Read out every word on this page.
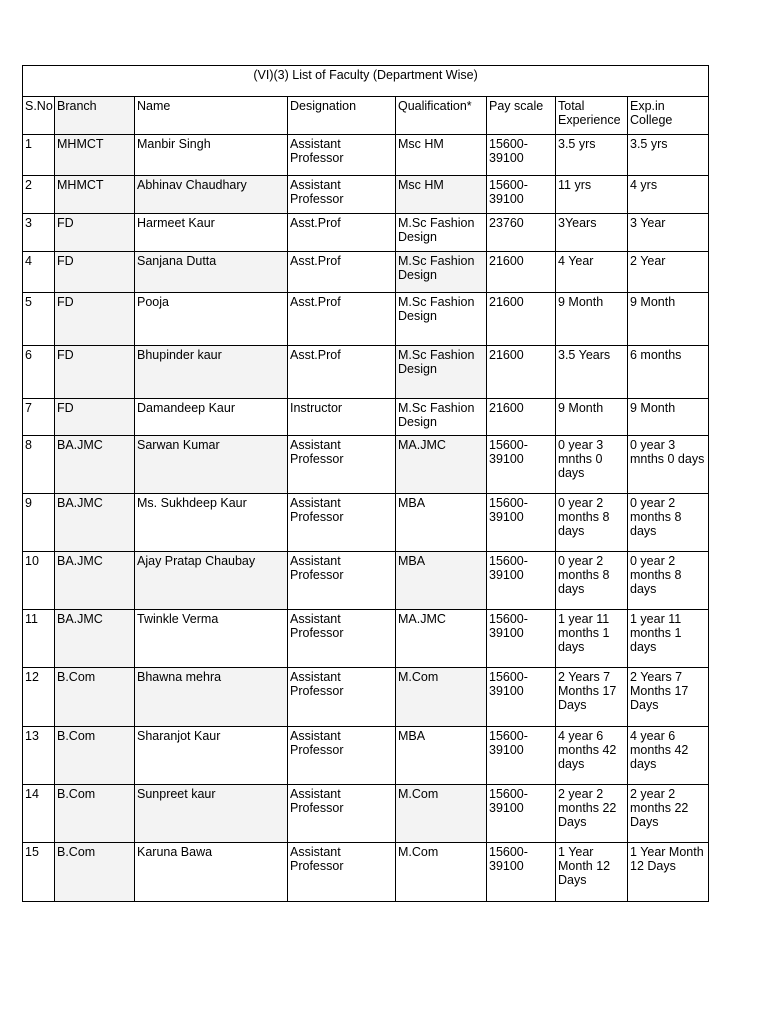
(VI)(3) List of Faculty (Department Wise)							
S.No	Branch	Name	Designation	Qualification*	Pay scale	Total Experience	Exp.in College
1	MHMCT	Manbir Singh	Assistant Professor	Msc HM	15600-39100	3.5 yrs	3.5 yrs
2	MHMCT	Abhinav Chaudhary	Assistant Professor	Msc HM	15600-39100	11 yrs	4 yrs
3	FD	Harmeet Kaur	Asst.Prof	M.Sc Fashion Design	23760	3Years	3 Year
4	FD	Sanjana Dutta	Asst.Prof	M.Sc Fashion Design	21600	4 Year	2 Year
5	FD	Pooja	Asst.Prof	M.Sc Fashion Design	21600	9 Month	9 Month
6	FD	Bhupinder kaur	Asst.Prof	M.Sc Fashion Design	21600	3.5 Years	6 months
7	FD	Damandeep Kaur	Instructor	M.Sc Fashion Design	21600	9 Month	9 Month
8	BA.JMC	Sarwan Kumar	Assistant Professor	MA.JMC	15600-39100	0 year 3 mnths 0 days	0 year 3 mnths 0 days
9	BA.JMC	Ms. Sukhdeep Kaur	Assistant Professor	MBA	15600-39100	0 year 2 months 8 days	0 year 2 months 8 days
10	BA.JMC	Ajay Pratap Chaubay	Assistant Professor	MBA	15600-39100	0 year 2 months 8 days	0 year 2 months 8 days
11	BA.JMC	Twinkle Verma	Assistant Professor	MA.JMC	15600-39100	1 year 11 months 1 days	1 year 11 months 1 days
12	B.Com	Bhawna mehra	Assistant Professor	M.Com	15600-39100	2 Years 7 Months 17 Days	2 Years 7 Months 17 Days
13	B.Com	Sharanjot Kaur	Assistant Professor	MBA	15600-39100	4 year 6 months 42 days	4 year 6 months 42 days
14	B.Com	Sunpreet kaur	Assistant Professor	M.Com	15600-39100	2 year 2 months 22 Days	2 year 2 months 22 Days
15	B.Com	Karuna Bawa	Assistant Professor	M.Com	15600-39100	1 Year Month 12 Days	1 Year Month 12 Days
